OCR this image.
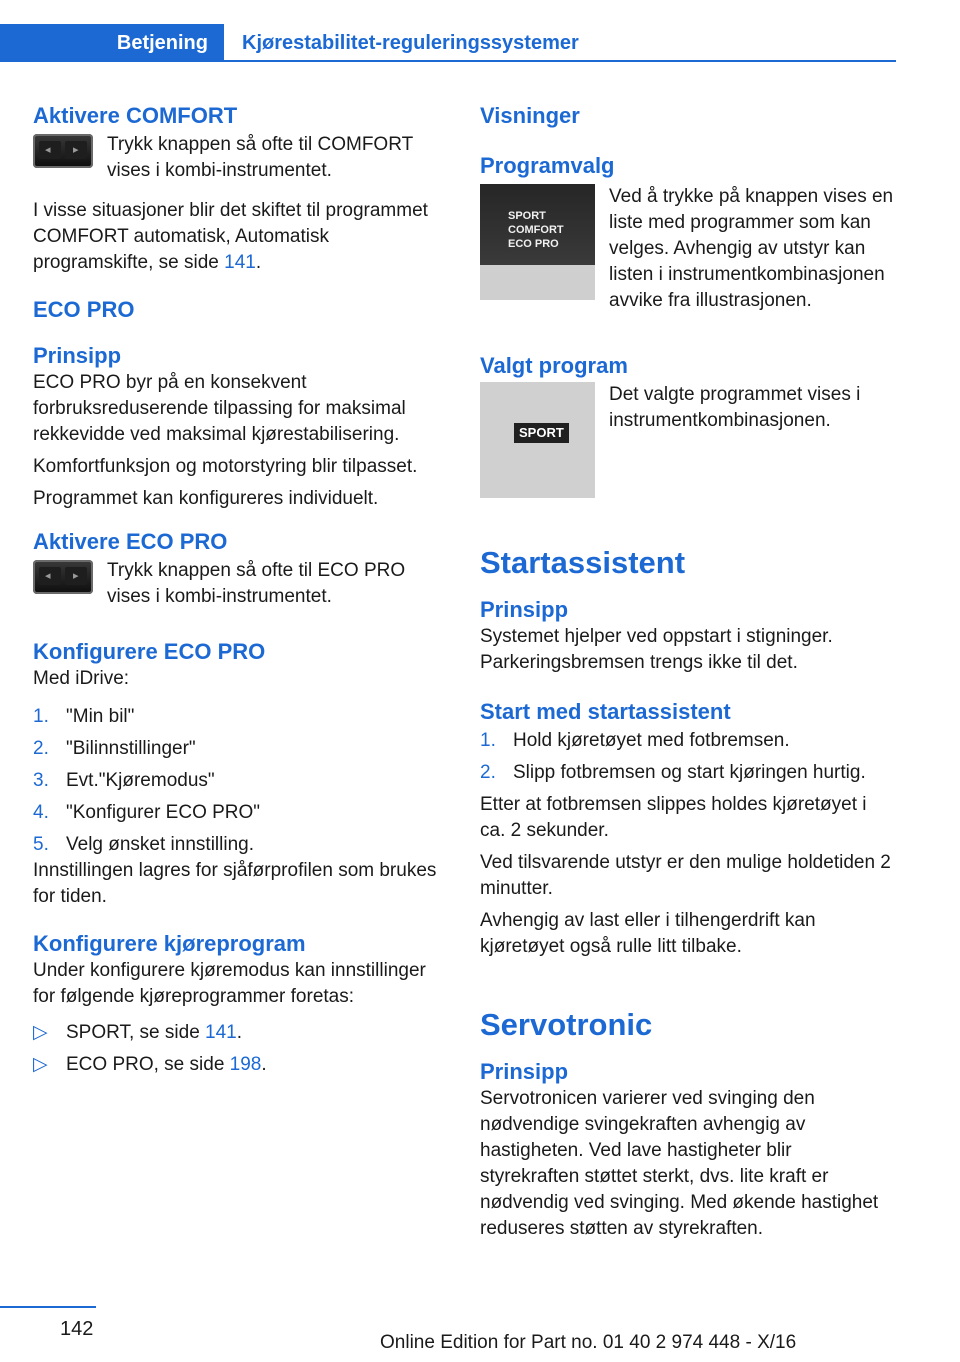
Betjening	Kjørestabilitet-reguleringssystemer
Aktivere COMFORT
◂ ▸ Trykk knappen så ofte til COMFORT vises i kombi-instrumentet.

I visse situasjoner blir det skiftet til programmet COMFORT automatisk, Automatisk programskifte, se side 141.

ECO PRO
Prinsipp

ECO PRO byr på en konsekvent forbruksreduserende tilpassing for maksimal rekkevidde ved maksimal kjørestabilisering.

Komfortfunksjon og motorstyring blir tilpasset.

Programmet kan konfigureres individuelt.

Aktivere ECO PRO
◂ ▸ Trykk knappen så ofte til ECO PRO vises i kombi-instrumentet.

Konfigurere ECO PRO

Med iDrive:

1. "Min bil"
2. "Bilinnstillinger"
3. Evt."Kjøremodus"
4. "Konfigurer ECO PRO"
5. Velg ønsket innstilling.

Innstillingen lagres for sjåførprofilen som brukes for tiden.

Konfigurere kjøreprogram

Under konfigurere kjøremodus kan innstillinger for følgende kjøreprogrammer foretas:

▷ SPORT, se side 141.
▷ ECO PRO, se side 198.
Visninger
Programvalg
SPORT
COMFORT
ECO PRO

Ved å trykke på knappen vises en liste med programmer som kan velges. Avhengig av utstyr kan listen i instrumentkombinasjonen avvike fra illustrasjonen.

Valgt program
SPORT

Det valgte programmet vises i instrumentkombinasjonen.

Startassistent
Prinsipp

Systemet hjelper ved oppstart i stigninger. Parkeringsbremsen trengs ikke til det.

Start med startassistent
1. Hold kjøretøyet med fotbremsen.
2. Slipp fotbremsen og start kjøringen hurtig.

Etter at fotbremsen slippes holdes kjøretøyet i ca. 2 sekunder.

Ved tilsvarende utstyr er den mulige holdetiden 2 minutter.

Avhengig av last eller i tilhengerdrift kan kjøretøyet også rulle litt tilbake.

Servotronic
Prinsipp

Servotronicen varierer ved svinging den nødvendige svingekraften avhengig av hastigheten. Ved lave hastigheter blir styrekraften støttet sterkt, dvs. lite kraft er nødvendig ved svinging. Med økende hastighet reduseres støtten av styrekraften.

142
Online Edition for Part no. 01 40 2 974 448 - X/16
